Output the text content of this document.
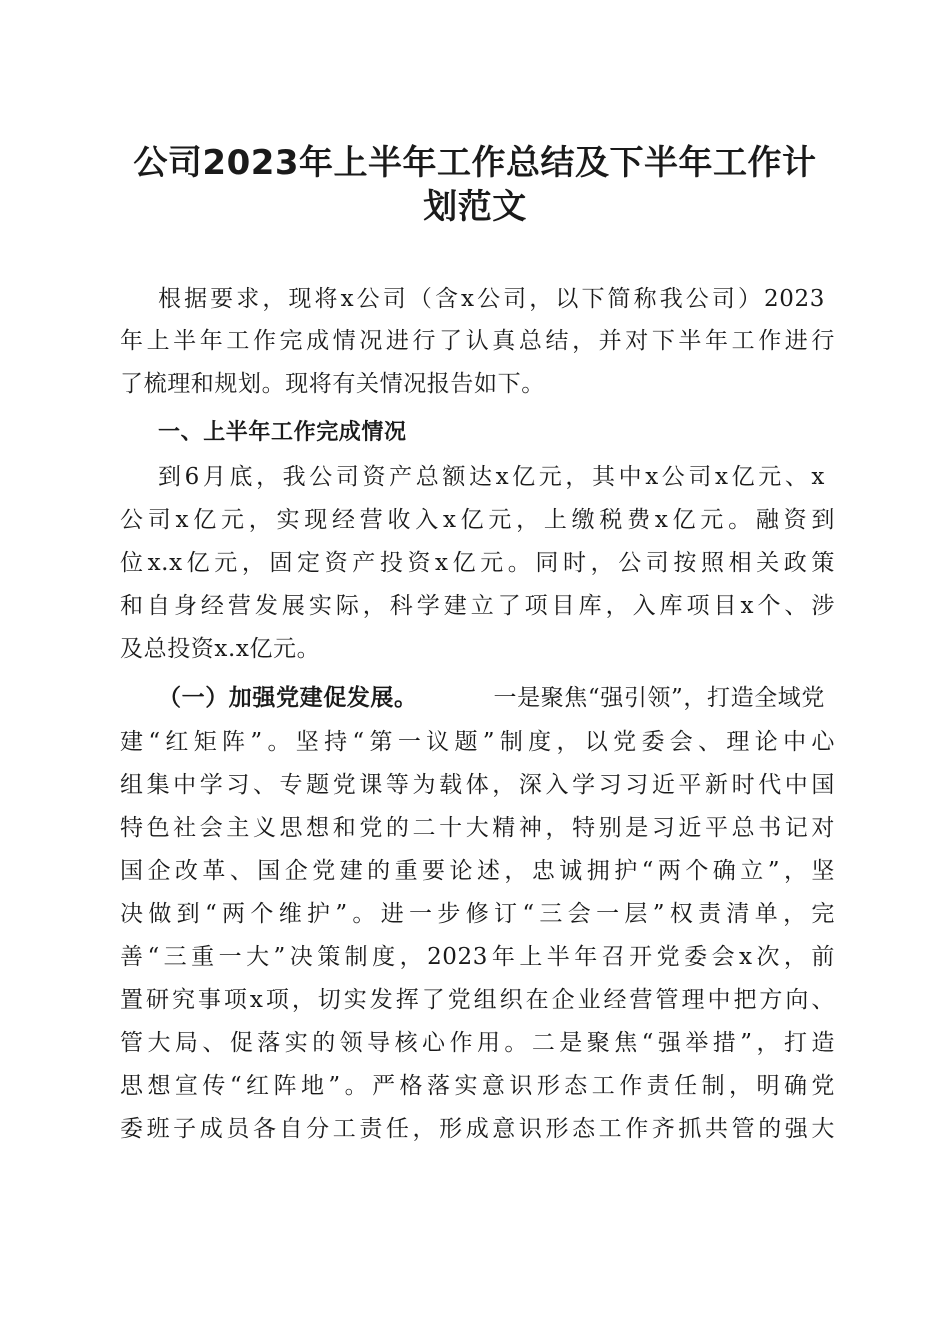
公司2023年上半年工作总结及下半年工作计
划范文
根据要求，现将x公司（含x公司，以下简称我公司）2023
年上半年工作完成情况进行了认真总结，并对下半年工作进行
了梳理和规划。现将有关情况报告如下。
一、上半年工作完成情况
到6月底，我公司资产总额达x亿元，其中x公司x亿元、x
公司x亿元，实现经营收入x亿元，上缴税费x亿元。融资到
位x.x亿元，固定资产投资x亿元。同时，公司按照相关政策
和自身经营发展实际，科学建立了项目库，入库项目x个、涉
及总投资x.x亿元。
（一）加强党建促发展。	一是聚焦“强引领”，打造全域党
建“红矩阵”。坚持“第一议题”制度，以党委会、理论中心
组集中学习、专题党课等为载体，深入学习习近平新时代中国
特色社会主义思想和党的二十大精神，特别是习近平总书记对
国企改革、国企党建的重要论述，忠诚拥护“两个确立”，坚
决做到“两个维护”。进一步修订“三会一层”权责清单，完
善“三重一大”决策制度，2023年上半年召开党委会x次，前
置研究事项x项，切实发挥了党组织在企业经营管理中把方向、
管大局、促落实的领导核心作用。二是聚焦“强举措”，打造
思想宣传“红阵地”。严格落实意识形态工作责任制，明确党
委班子成员各自分工责任，形成意识形态工作齐抓共管的强大
